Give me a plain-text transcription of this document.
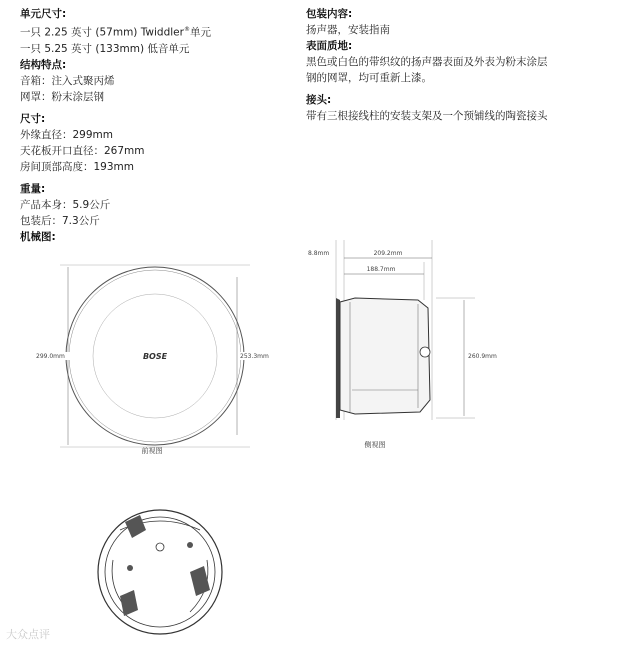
单元尺寸:
一只 2.25 英寸 (57mm) Twiddler®单元
一只 5.25 英寸 (133mm) 低音单元
结构特点:
音箱：注入式聚丙烯
网罩：粉末涂层钢
尺寸:
外缘直径：299mm
天花板开口直径：267mm
房间顶部高度：193mm
重量:
产品本身：5.9公斤
包装后：7.3公斤
机械图:
包装内容:
扬声器，安装指南
表面质地:
黑色或白色的带织纹的扬声器表面及外表为粉末涂层
钢的网罩，均可重新上漆。
接头:
带有三根接线柱的安装支架及一个预铺线的陶瓷接头
BOSE
299.0mm	253.3mm
前视图
209.2mm
188.7mm
8.8mm
260.9mm
侧视图
大众点评
